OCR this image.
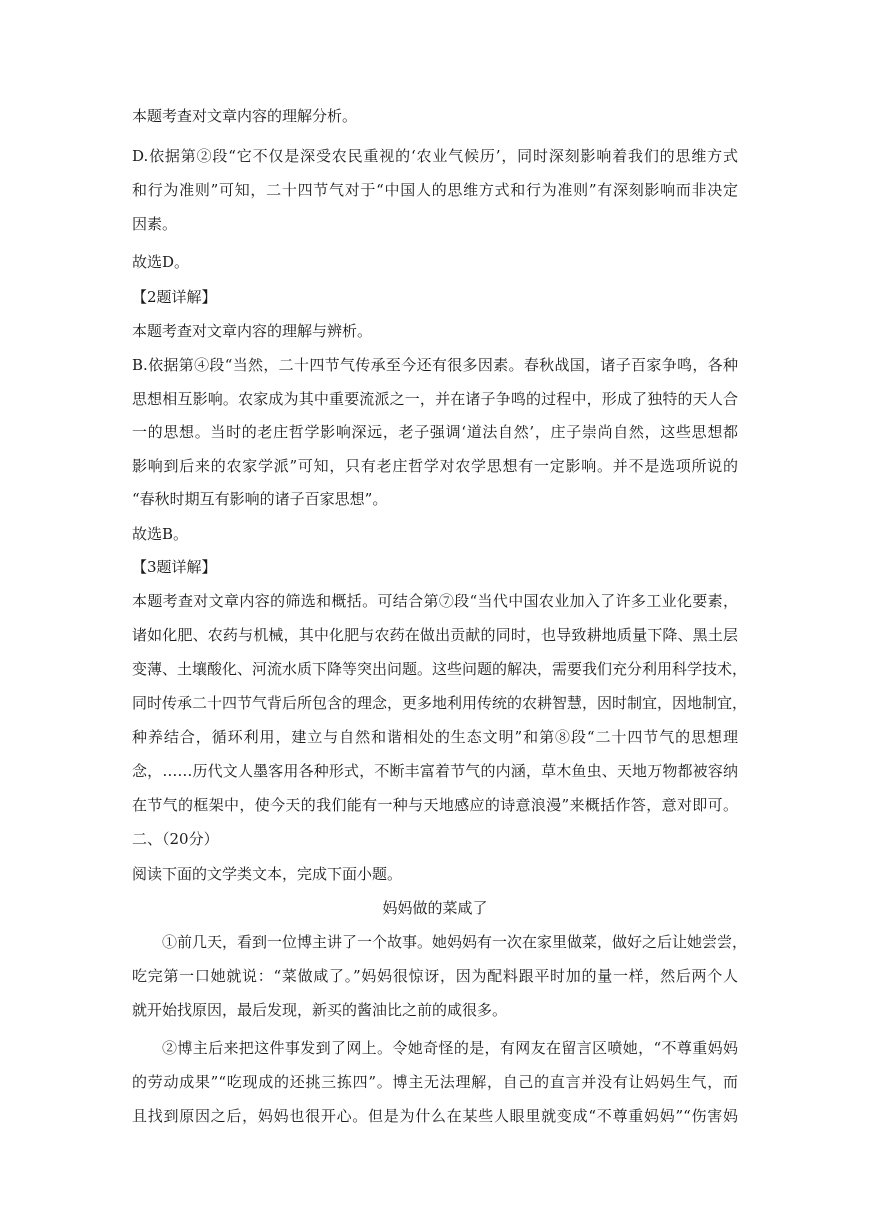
本题考查对文章内容的理解分析。
D.依据第②段“它不仅是深受农民重视的‘农业气候历’，同时深刻影响着我们的思维方式
和行为准则”可知，二十四节气对于“中国人的思维方式和行为准则”有深刻影响而非决定
因素。
故选D。
【2题详解】
本题考查对文章内容的理解与辨析。
B.依据第④段“当然，二十四节气传承至今还有很多因素。春秋战国，诸子百家争鸣，各种
思想相互影响。农家成为其中重要流派之一，并在诸子争鸣的过程中，形成了独特的天人合
一的思想。当时的老庄哲学影响深远，老子强调‘道法自然’，庄子崇尚自然，这些思想都
影响到后来的农家学派”可知，只有老庄哲学对农学思想有一定影响。并不是选项所说的
“春秋时期互有影响的诸子百家思想”。
故选B。
【3题详解】
本题考查对文章内容的筛选和概括。可结合第⑦段“当代中国农业加入了许多工业化要素，
诸如化肥、农药与机械，其中化肥与农药在做出贡献的同时，也导致耕地质量下降、黑土层
变薄、土壤酸化、河流水质下降等突出问题。这些问题的解决，需要我们充分利用科学技术，
同时传承二十四节气背后所包含的理念，更多地利用传统的农耕智慧，因时制宜，因地制宜，
种养结合，循环利用，建立与自然和谐相处的生态文明”和第⑧段“二十四节气的思想理
念，……历代文人墨客用各种形式，不断丰富着节气的内涵，草木鱼虫、天地万物都被容纳
在节气的框架中，使今天的我们能有一种与天地感应的诗意浪漫”来概括作答，意对即可。
二、（20分）
阅读下面的文学类文本，完成下面小题。
妈妈做的菜咸了
①前几天，看到一位博主讲了一个故事。她妈妈有一次在家里做菜，做好之后让她尝尝，
吃完第一口她就说：“菜做咸了。”妈妈很惊讶，因为配料跟平时加的量一样，然后两个人
就开始找原因，最后发现，新买的酱油比之前的咸很多。
②博主后来把这件事发到了网上。令她奇怪的是，有网友在留言区喷她，“不尊重妈妈
的劳动成果”“吃现成的还挑三拣四”。博主无法理解，自己的直言并没有让妈妈生气，而
且找到原因之后，妈妈也很开心。但是为什么在某些人眼里就变成“不尊重妈妈”“伤害妈
